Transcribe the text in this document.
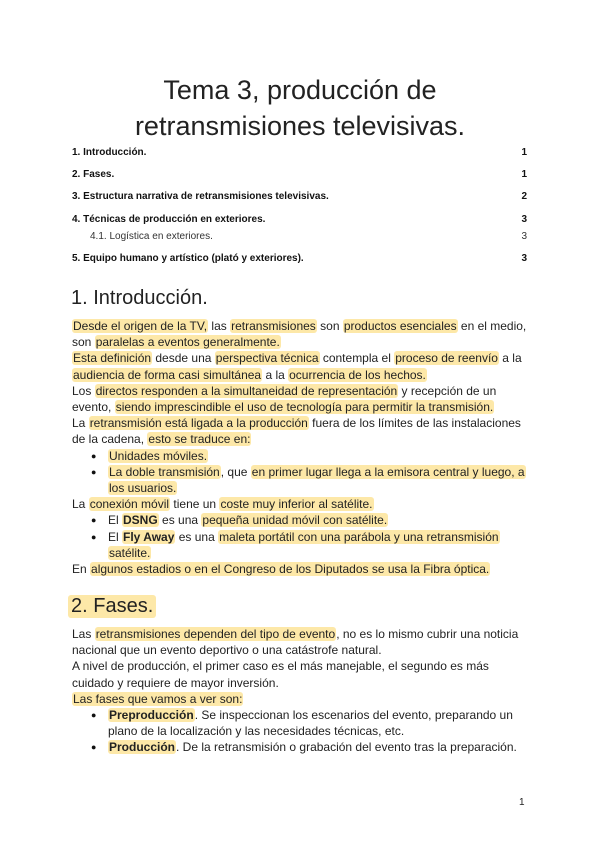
Tema 3, producción de
retransmisiones televisivas.
1. Introducción.	1
2. Fases.	1
3. Estructura narrativa de retransmisiones televisivas.	2
4. Técnicas de producción en exteriores.	3
4.1. Logística en exteriores.	3
5. Equipo humano y artístico (plató y exteriores).	3
1. Introducción.

Desde el origen de la TV, las retransmisiones son productos esenciales en el medio, son paralelas a eventos generalmente.

Esta definición desde una perspectiva técnica contempla el proceso de reenvío a la audiencia de forma casi simultánea a la ocurrencia de los hechos.

Los directos responden a la simultaneidad de representación y recepción de un evento, siendo imprescindible el uso de tecnología para permitir la transmisión.

La retransmisión está ligada a la producción fuera de los límites de las instalaciones de la cadena, esto se traduce en:

● Unidades móviles.
● La doble transmisión, que en primer lugar llega a la emisora central y luego, a los usuarios.

La conexión móvil tiene un coste muy inferior al satélite.

● El DSNG es una pequeña unidad móvil con satélite.
● El Fly Away es una maleta portátil con una parábola y una retransmisión satélite.

En algunos estadios o en el Congreso de los Diputados se usa la Fibra óptica.

2. Fases.

Las retransmisiones dependen del tipo de evento, no es lo mismo cubrir una noticia nacional que un evento deportivo o una catástrofe natural.

A nivel de producción, el primer caso es el más manejable, el segundo es más cuidado y requiere de mayor inversión.

Las fases que vamos a ver son:

● Preproducción. Se inspeccionan los escenarios del evento, preparando un plano de la localización y las necesidades técnicas, etc.
● Producción. De la retransmisión o grabación del evento tras la preparación.
1
